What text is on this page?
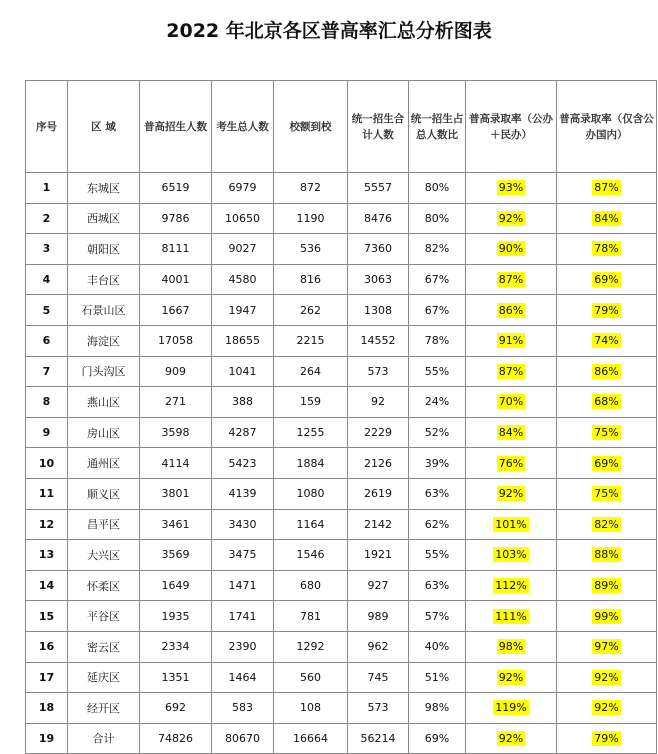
2022 年北京各区普高率汇总分析图表
序号	区 域	普高招生人数	考生总人数	校额到校	统一招生合计人数	统一招生占总人数比	普高录取率（公办＋民办）	普高录取率（仅含公办国内）
1	东城区	6519	6979	872	5557	80%	93%	87%
2	西城区	9786	10650	1190	8476	80%	92%	84%
3	朝阳区	8111	9027	536	7360	82%	90%	78%
4	丰台区	4001	4580	816	3063	67%	87%	69%
5	石景山区	1667	1947	262	1308	67%	86%	79%
6	海淀区	17058	18655	2215	14552	78%	91%	74%
7	门头沟区	909	1041	264	573	55%	87%	86%
8	燕山区	271	388	159	92	24%	70%	68%
9	房山区	3598	4287	1255	2229	52%	84%	75%
10	通州区	4114	5423	1884	2126	39%	76%	69%
11	顺义区	3801	4139	1080	2619	63%	92%	75%
12	昌平区	3461	3430	1164	2142	62%	101%	82%
13	大兴区	3569	3475	1546	1921	55%	103%	88%
14	怀柔区	1649	1471	680	927	63%	112%	89%
15	平谷区	1935	1741	781	989	57%	111%	99%
16	密云区	2334	2390	1292	962	40%	98%	97%
17	延庆区	1351	1464	560	745	51%	92%	92%
18	经开区	692	583	108	573	98%	119%	92%
19	合计	74826	80670	16664	56214	69%	92%	79%
